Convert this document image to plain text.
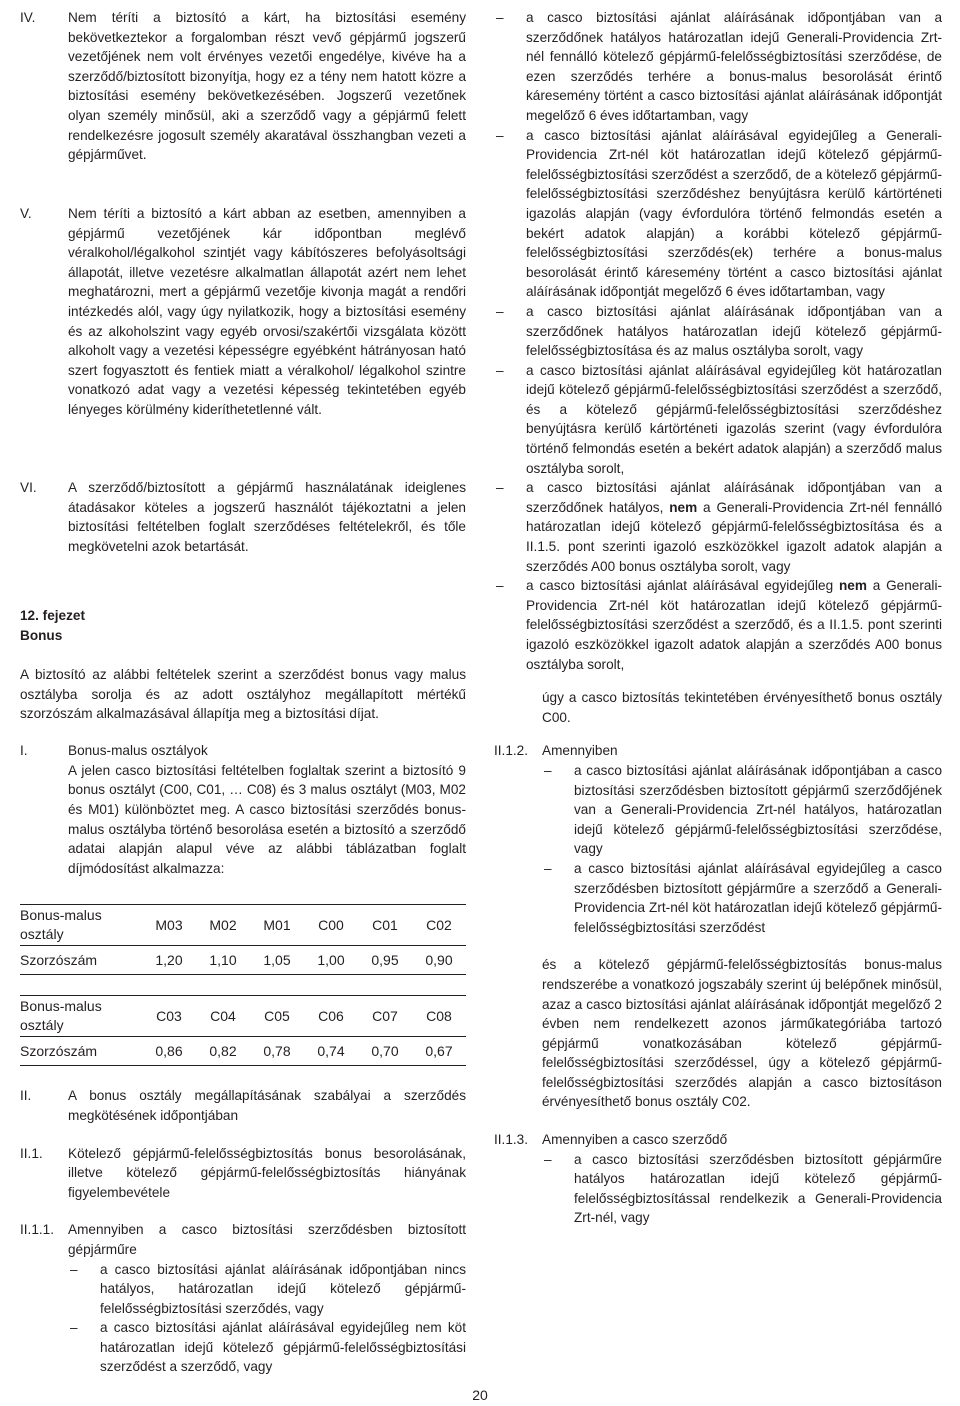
IV.	Nem téríti a biztosító a kárt, ha biztosítási esemény bekövetkeztekor a forgalomban részt vevő gépjármű jogszerű vezetőjének nem volt érvényes vezetői engedélye, kivéve ha a szerződő/biztosított bizonyítja, hogy ez a tény nem hatott közre a biztosítási esemény bekövetkezésében. Jogszerű vezetőnek olyan személy minősül, aki a szerződő vagy a gépjármű felett rendelkezésre jogosult személy akaratával összhangban vezeti a gépjárművet.
V.	Nem téríti a biztosító a kárt abban az esetben, amennyiben a gépjármű vezetőjének kár időpontban meglévő véralkohol/légalkohol szintjét vagy kábítószeres befolyásoltsági állapotát, illetve vezetésre alkalmatlan állapotát azért nem lehet meghatározni, mert a gépjármű vezetője kivonja magát a rendőri intézkedés alól, vagy úgy nyilatkozik, hogy a biztosítási esemény és az alkoholszint vagy egyéb orvosi/szakértői vizsgálata között alkoholt vagy a vezetési képességre egyébként hátrányosan ható szert fogyasztott és fentiek miatt a véralkohol/ légalkohol szintre vonatkozó adat vagy a vezetési képesség tekintetében egyéb lényeges körülmény kideríthetetlenné vált.
VI.	A szerződő/biztosított a gépjármű használatának ideiglenes átadásakor köteles a jogszerű használót tájékoztatni a jelen biztosítási feltételben foglalt szerződéses feltételekről, és tőle megkövetelni azok betartását.
12. fejezet
Bonus
A biztosító az alábbi feltételek szerint a szerződést bonus vagy malus osztályba sorolja és az adott osztályhoz megállapított mértékű szorzószám alkalmazásával állapítja meg a biztosítási díjat.
I.	Bonus-malus osztályok
A jelen casco biztosítási feltételben foglaltak szerint a biztosító 9 bonus osztályt (C00, C01, … C08) és 3 malus osztályt (M03, M02 és M01) különböztet meg. A casco biztosítási szerződés bonus-malus osztályba történő besorolása esetén a biztosító a szerződő adatai alapján alapul véve az alábbi táblázatban foglalt díjmódosítást alkalmazza:
Bonus-malus osztály	M03	M02	M01	C00	C01	C02
Szorzószám	1,20	1,10	1,05	1,00	0,95	0,90
Bonus-malus osztály	C03	C04	C05	C06	C07	C08
Szorzószám	0,86	0,82	0,78	0,74	0,70	0,67
II.	A bonus osztály megállapításának szabályai a szerződés megkötésének időpontjában
II.1.	Kötelező gépjármű-felelősségbiztosítás bonus besorolásának, illetve kötelező gépjármű-felelősségbiztosítás hiányának figyelembevétele
II.1.1.	Amennyiben a casco biztosítási szerződésben biztosított gépjárműre
–	a casco biztosítási ajánlat aláírásának időpontjában nincs hatályos, határozatlan idejű kötelező gépjármű-felelősségbiztosítási szerződés, vagy
–	a casco biztosítási ajánlat aláírásával egyidejűleg nem köt határozatlan idejű kötelező gépjármű-felelősségbiztosítási szerződést a szerződő, vagy
–	a casco biztosítási ajánlat aláírásának időpontjában van a szerződőnek hatályos határozatlan idejű Generali-Providencia Zrt-nél fennálló kötelező gépjármű-felelősségbiztosítási szerződése, de ezen szerződés terhére a bonus-malus besorolását érintő káresemény történt a casco biztosítási ajánlat aláírásának időpontját megelőző 6 éves időtartamban, vagy
–	a casco biztosítási ajánlat aláírásával egyidejűleg a Generali-Providencia Zrt-nél köt határozatlan idejű kötelező gépjármű-felelősségbiztosítási szerződést a szerződő, de a kötelező gépjármű-felelősségbiztosítási szerződéshez benyújtásra kerülő kártörténeti igazolás alapján (vagy évfordulóra történő felmondás esetén a bekért adatok alapján) a korábbi kötelező gépjármű-felelősségbiztosítási szerződés(ek) terhére a bonus-malus besorolását érintő káresemény történt a casco biztosítási ajánlat aláírásának időpontját megelőző 6 éves időtartamban, vagy
–	a casco biztosítási ajánlat aláírásának időpontjában van a szerződőnek hatályos határozatlan idejű kötelező gépjármű-felelősségbiztosítása és az malus osztályba sorolt, vagy
–	a casco biztosítási ajánlat aláírásával egyidejűleg köt határozatlan idejű kötelező gépjármű-felelősségbiztosítási szerződést a szerződő, és a kötelező gépjármű-felelősségbiztosítási szerződéshez benyújtásra kerülő kártörténeti igazolás szerint (vagy évfordulóra történő felmondás esetén a bekért adatok alapján) a szerződő malus osztályba sorolt,
–	a casco biztosítási ajánlat aláírásának időpontjában van a szerződőnek hatályos, nem a Generali-Providencia Zrt-nél fennálló határozatlan idejű kötelező gépjármű-felelősségbiztosítása és a II.1.5. pont szerinti igazoló eszközökkel igazolt adatok alapján a szerződés A00 bonus osztályba sorolt, vagy
–	a casco biztosítási ajánlat aláírásával egyidejűleg nem a Generali-Providencia Zrt-nél köt határozatlan idejű kötelező gépjármű-felelősségbiztosítási szerződést a szerződő, és a II.1.5. pont szerinti igazoló eszközökkel igazolt adatok alapján a szerződés A00 bonus osztályba sorolt,
úgy a casco biztosítás tekintetében érvényesíthető bonus osztály C00.
II.1.2.	Amennyiben
–	a casco biztosítási ajánlat aláírásának időpontjában a casco biztosítási szerződésben biztosított gépjármű szerződőjének van a Generali-Providencia Zrt-nél hatályos, határozatlan idejű kötelező gépjármű-felelősségbiztosítási szerződése, vagy
–	a casco biztosítási ajánlat aláírásával egyidejűleg a casco szerződésben biztosított gépjárműre a szerződő a Generali-Providencia Zrt-nél köt határozatlan idejű kötelező gépjármű-felelősségbiztosítási szerződést
és a kötelező gépjármű-felelősségbiztosítás bonus-malus rendszerébe a vonatkozó jogszabály szerint új belépőnek minősül, azaz a casco biztosítási ajánlat aláírásának időpontját megelőző 2 évben nem rendelkezett azonos járműkategóriába tartozó gépjármű vonatkozásában kötelező gépjármű-felelősségbiztosítási szerződéssel, úgy a kötelező gépjármű-felelősségbiztosítási szerződés alapján a casco biztosításon érvényesíthető bonus osztály C02.
II.1.3.	Amennyiben a casco szerződő
–	a casco biztosítási szerződésben biztosított gépjárműre hatályos határozatlan idejű kötelező gépjármű-felelősségbiztosítással rendelkezik a Generali-Providencia Zrt-nél, vagy
20
